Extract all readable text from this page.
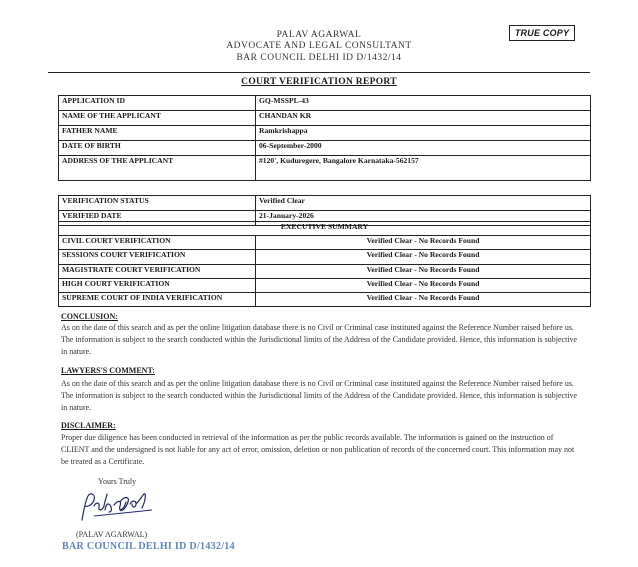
TRUE COPY
PALAV AGARWAL
ADVOCATE AND LEGAL CONSULTANT
BAR COUNCIL DELHI ID D/1432/14
COURT VERIFICATION REPORT
APPLICATION ID	GQ-MSSPL-43
NAME OF THE APPLICANT	CHANDAN KR
FATHER NAME	Ramkrishappa
DATE OF BIRTH	06-September-2000
ADDRESS OF THE APPLICANT	#120', Kuduregere, Bangalore Karnataka-562157

VERIFICATION STATUS	Verified Clear
VERIFIED DATE	21-January-2026
EXECUTIVE SUMMARY	
CIVIL COURT VERIFICATION	Verified Clear - No Records Found
SESSIONS COURT VERIFICATION	Verified Clear - No Records Found
MAGISTRATE COURT VERIFICATION	Verified Clear - No Records Found
HIGH COURT VERIFICATION	Verified Clear - No Records Found
SUPREME COURT OF INDIA VERIFICATION	Verified Clear - No Records Found
CONCLUSION:
As on the date of this search and as per the online litigation database there is no Civil or Criminal case instituted against the Reference Number raised before us. The information is subject to the search conducted within the Jurisdictional limits of the Address of the Candidate provided. Hence, this information is subjective in nature.
LAWYERS'S COMMENT:
As on the date of this search and as per the online litigation database there is no Civil or Criminal case instituted against the Reference Number raised before us. The information is subject to the search conducted within the Jurisdictional limits of the Address of the Candidate provided. Hence, this information is subjective in nature.
DISCLAIMER:
Proper due diligence has been conducted in retrieval of the information as per the public records available. The information is gained on the instruction of CLIENT and the undersigned is not liable for any act of error, omission, deletion or non publication of records of the concerned court. This information may not be treated as a Certificate.
Yours Truly
(PALAV AGARWAL)
BAR COUNCIL DELHI ID D/1432/14
